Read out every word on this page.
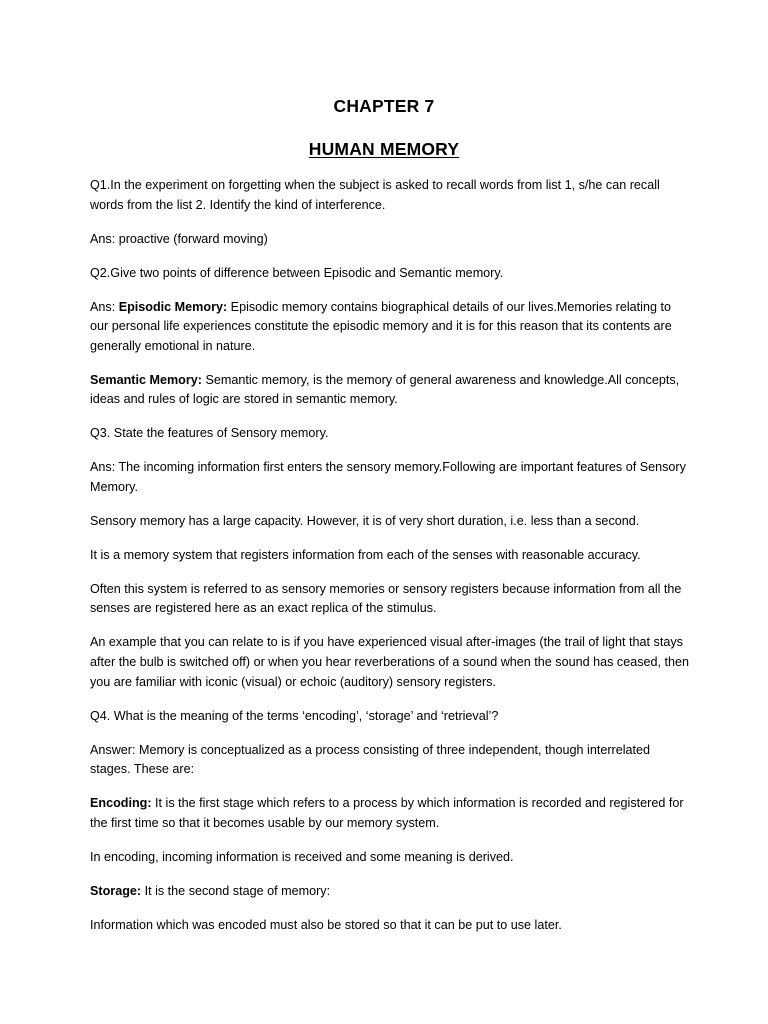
CHAPTER 7
HUMAN MEMORY

Q1.In the experiment on forgetting when the subject is asked to recall words from list 1, s/he can recall words from the list 2. Identify the kind of interference.

Ans: proactive (forward moving)

Q2.Give two points of difference between Episodic and Semantic memory.

Ans: Episodic Memory: Episodic memory contains biographical details of our lives.Memories relating to our personal life experiences constitute the episodic memory and it is for this reason that its contents are generally emotional in nature.

Semantic Memory: Semantic memory, is the memory of general awareness and knowledge.All concepts, ideas and rules of logic are stored in semantic memory.

Q3. State the features of Sensory memory.

Ans: The incoming information first enters the sensory memory.Following are important features of Sensory Memory.

Sensory memory has a large capacity. However, it is of very short duration, i.e. less than a second.

It is a memory system that registers information from each of the senses with reasonable accuracy.

Often this system is referred to as sensory memories or sensory registers because information from all the senses are registered here as an exact replica of the stimulus.

An example that you can relate to is if you have experienced visual after-images (the trail of light that stays after the bulb is switched off) or when you hear reverberations of a sound when the sound has ceased, then you are familiar with iconic (visual) or echoic (auditory) sensory registers.

Q4. What is the meaning of the terms ‘encoding’, ‘storage’ and ‘retrieval’?

Answer: Memory is conceptualized as a process consisting of three independent, though interrelated stages. These are:

Encoding: It is the first stage which refers to a process by which information is recorded and registered for the first time so that it becomes usable by our memory system.

In encoding, incoming information is received and some meaning is derived.

Storage: It is the second stage of memory:

Information which was encoded must also be stored so that it can be put to use later.
